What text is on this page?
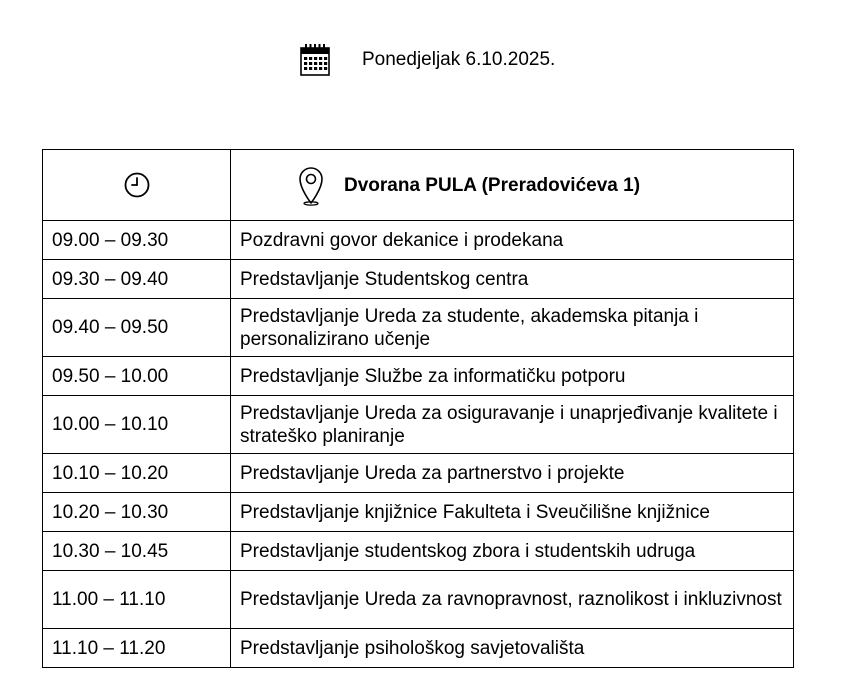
Ponedjeljak 6.10.2025.

Dvorana PULA (Preradovićeva 1)

09.00 – 09.30	Pozdravni govor dekanice i prodekana
09.30 – 09.40	Predstavljanje Studentskog centra
09.40 – 09.50	Predstavljanje Ureda za studente, akademska pitanja i personalizirano učenje
09.50 – 10.00	Predstavljanje Službe za informatičku potporu
10.00 – 10.10	Predstavljanje Ureda za osiguravanje i unaprjeđivanje kvalitete i strateško planiranje
10.10 – 10.20	Predstavljanje Ureda za partnerstvo i projekte
10.20 – 10.30	Predstavljanje knjižnice Fakulteta i Sveučilišne knjižnice
10.30 – 10.45	Predstavljanje studentskog zbora i studentskih udruga
11.00 – 11.10	Predstavljanje Ureda za ravnopravnost, raznolikost i inkluzivnost
11.10 – 11.20	Predstavljanje psihološkog savjetovališta
